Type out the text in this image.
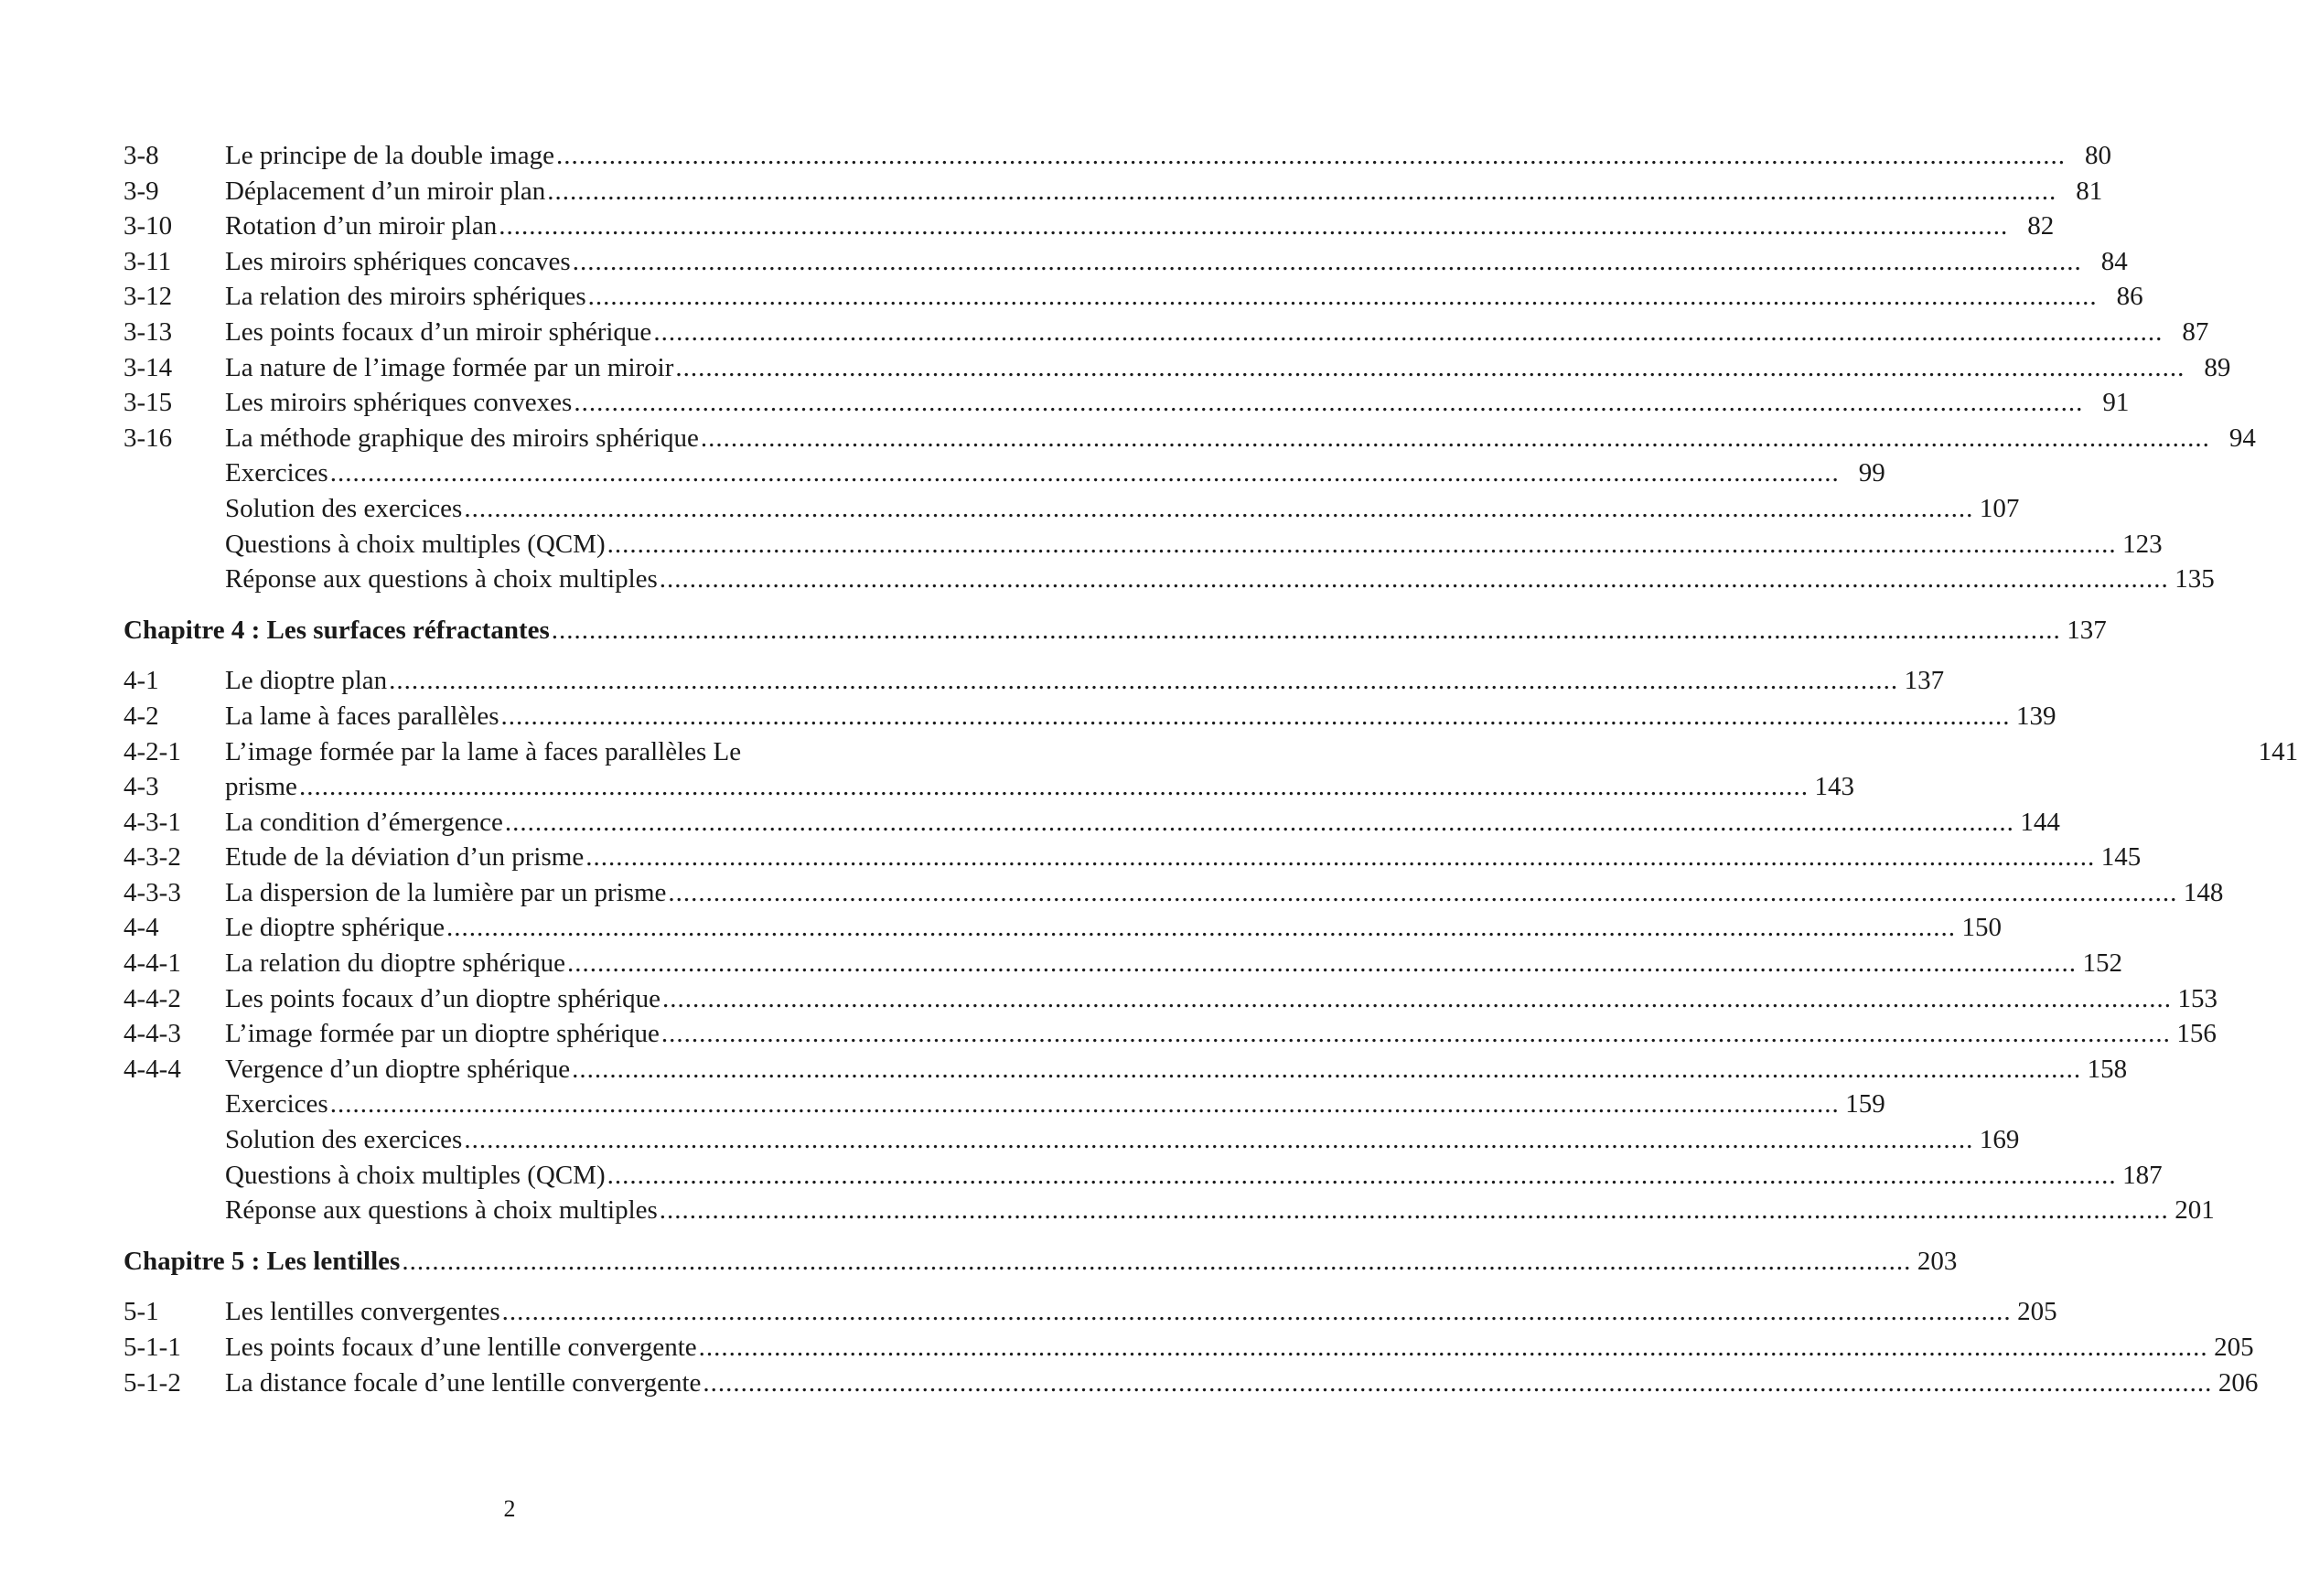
3-8	Le principe de la double image .....	80
3-9	Déplacement d’un miroir plan .....	81
3-10	Rotation d’un miroir plan .....	82
3-11	Les miroirs sphériques concaves .....	84
3-12	La relation des miroirs sphériques .....	86
3-13	Les points focaux d’un miroir sphérique .....	87
3-14	La nature de l’image formée par un miroir .....	89
3-15	Les miroirs sphériques convexes .....	91
3-16	La méthode graphique des miroirs sphérique .....	94
Exercices .....	99
Solution des exercices .....	107
Questions à choix multiples (QCM) .....	123
Réponse aux questions à choix multiples .....	135
Chapitre 4 : Les surfaces réfractantes .....	137
4-1	Le dioptre plan .....	137
4-2	La lame à faces parallèles .....	139
4-2-1	L’image formée par la lame à faces parallèles Le	141
4-3	prisme .....	143
4-3-1	La condition d’émergence .....	144
4-3-2	Etude de la déviation d’un prisme .....	145
4-3-3	La dispersion de la lumière par un prisme .....	148
4-4	Le dioptre sphérique .....	150
4-4-1	La relation du dioptre sphérique .....	152
4-4-2	Les points focaux d’un dioptre sphérique .....	153
4-4-3	L’image formée par un dioptre sphérique .....	156
4-4-4	Vergence d’un dioptre sphérique .....	158
Exercices .....	159
Solution des exercices .....	169
Questions à choix multiples (QCM) .....	187
Réponse aux questions à choix multiples .....	201
Chapitre 5 : Les lentilles .....	203
5-1	Les lentilles convergentes .....	205
5-1-1	Les points focaux d’une lentille convergente .....	205
5-1-2	La distance focale d’une lentille convergente .....	206
2
